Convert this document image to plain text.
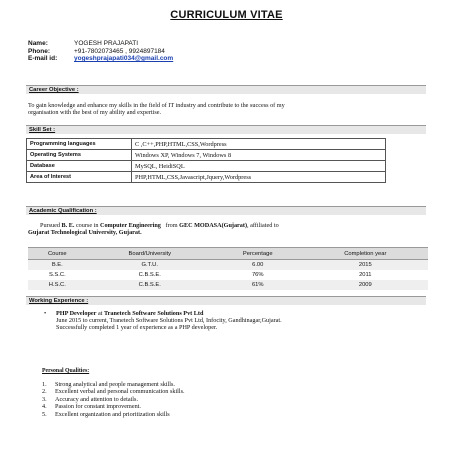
CURRICULUM VITAE
Name:	YOGESH PRAJAPATI
Phone:	+91-7802073465 , 9924897184
E-mail id:	yogeshprajapati034@gmail.com
Career Objective :
To gain knowledge and enhance my skills in the field of IT industry and contribute to the success of my
organisation with the best of my ability and expertise.
Skill Set :
Programming languages	C ,C++,PHP,HTML,CSS,Wordpress
Operating Systems	Windows XP, Windows 7, Windows 8
Database	MySQL, HeidiSQL
Area of Interest	PHP,HTML,CSS,Javascript,Jquery,Wordpress
Academic Qualification :
Pursued B. E. course in Computer Engineering from GEC MODASA(Gujarat), affiliated to
Gujarat Technological University, Gujarat.
Course	Board/University	Percentage	Completion year
B.E.	G.T.U.	6.00	2015
S.S.C.	C.B.S.E.	76%	2011
H.S.C.	C.B.S.E.	61%	2009
Working Experience :
• PHP Developer at Tranetech Software Solutions Pvt Ltd
June 2015 to current, Tranetech Software Solutions Pvt Ltd, Infocity, Gandhinagar,Gujarat.
Successfully completed 1 year of experience as a PHP developer.
Personal Qualities:
1.	Strong analytical and people management skills.
2.	Excellent verbal and personal communication skills.
3.	Accuracy and attention to details.
4.	Passion for constant improvement.
5.	Excellent organization and prioritization skills
